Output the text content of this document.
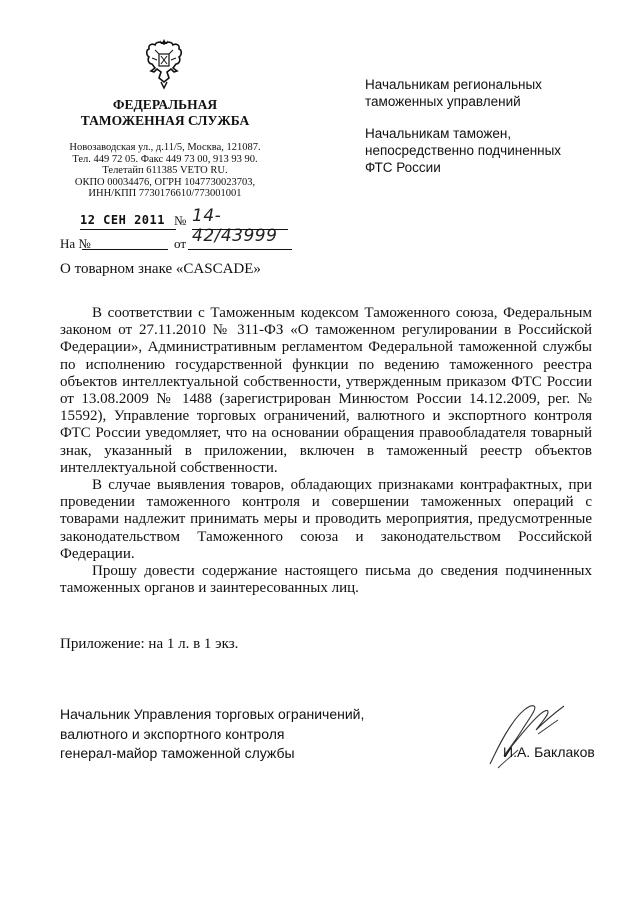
ФЕДЕРАЛЬНАЯ
ТАМОЖЕННАЯ СЛУЖБА
Новозаводская ул., д.11/5, Москва, 121087.
Тел. 449 72 05. Факс 449 73 00, 913 93 90.
Телетайп 611385 VETO RU.
ОКПО 00034476, ОГРН 1047730023703,
ИНН/КПП 7730176610/773001001
12 СЕН 2011 № 14-42/43999
На №	от

Начальникам региональных
таможенных управлений

Начальникам таможен,
непосредственно подчиненных
ФТС России

О товарном знаке «CASCADE»

В соответствии с Таможенным кодексом Таможенного союза, Федеральным законом от 27.11.2010 № 311-ФЗ «О таможенном регулировании в Российской Федерации», Административным регламентом Федеральной таможенной службы по исполнению государственной функции по ведению таможенного реестра объектов интеллектуальной собственности, утвержденным приказом ФТС России от 13.08.2009 № 1488 (зарегистрирован Минюстом России 14.12.2009, рег. № 15592), Управление торговых ограничений, валютного и экспортного контроля ФТС России уведомляет, что на основании обращения правообладателя товарный знак, указанный в приложении, включен в таможенный реестр объектов интеллектуальной собственности.

В случае выявления товаров, обладающих признаками контрафактных, при проведении таможенного контроля и совершении таможенных операций с товарами надлежит принимать меры и проводить мероприятия, предусмотренные законодательством Таможенного союза и законодательством Российской Федерации.

Прошу довести содержание настоящего письма до сведения подчиненных таможенных органов и заинтересованных лиц.

Приложение: на 1 л. в 1 экз.
Начальник Управления торговых ограничений,
валютного и экспортного контроля
генерал-майор таможенной службы	И.А. Баклаков
